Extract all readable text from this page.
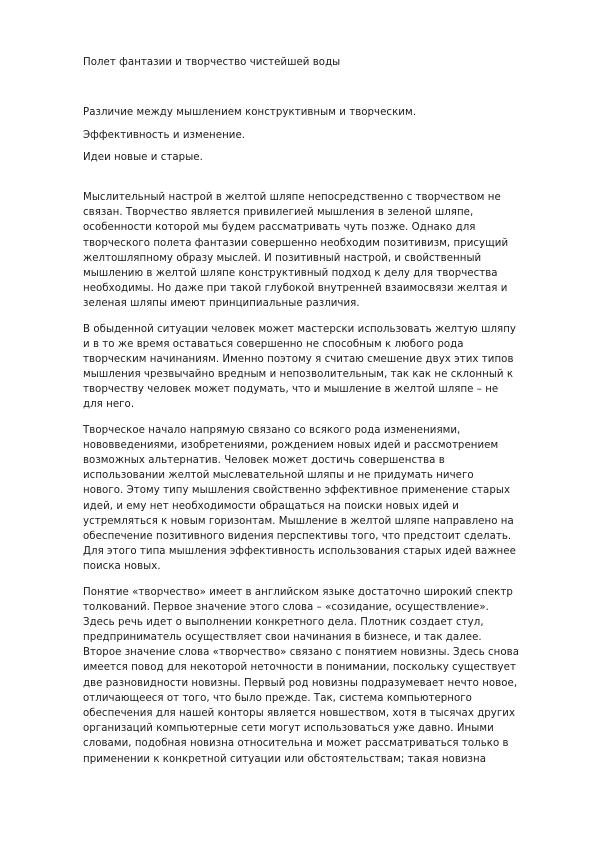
Полет фантазии и творчество чистейшей воды
Различие между мышлением конструктивным и творческим.
Эффективность и изменение.
Идеи новые и старые.
Мыслительный настрой в желтой шляпе непосредственно с творчеством не
связан. Творчество является привилегией мышления в зеленой шляпе,
особенности которой мы будем рассматривать чуть позже. Однако для
творческого полета фантазии совершенно необходим позитивизм, присущий
желтошляпному образу мыслей. И позитивный настрой, и свойственный
мышлению в желтой шляпе конструктивный подход к делу для творчества
необходимы. Но даже при такой глубокой внутренней взаимосвязи желтая и
зеленая шляпы имеют принципиальные различия.
В обыденной ситуации человек может мастерски использовать желтую шляпу
и в то же время оставаться совершенно не способным к любого рода
творческим начинаниям. Именно поэтому я считаю смешение двух этих типов
мышления чрезвычайно вредным и непозволительным, так как не склонный к
творчеству человек может подумать, что и мышление в желтой шляпе – не
для него.
Творческое начало напрямую связано со всякого рода изменениями,
нововведениями, изобретениями, рождением новых идей и рассмотрением
возможных альтернатив. Человек может достичь совершенства в
использовании желтой мыслевательной шляпы и не придумать ничего
нового. Этому типу мышления свойственно эффективное применение старых
идей, и ему нет необходимости обращаться на поиски новых идей и
устремляться к новым горизонтам. Мышление в желтой шляпе направлено на
обеспечение позитивного видения перспективы того, что предстоит сделать.
Для этого типа мышления эффективность использования старых идей важнее
поиска новых.
Понятие «творчество» имеет в английском языке достаточно широкий спектр
толкований. Первое значение этого слова – «созидание, осуществление».
Здесь речь идет о выполнении конкретного дела. Плотник создает стул,
предприниматель осуществляет свои начинания в бизнесе, и так далее.
Второе значение слова «творчество» связано с понятием новизны. Здесь снова
имеется повод для некоторой неточности в понимании, поскольку существует
две разновидности новизны. Первый род новизны подразумевает нечто новое,
отличающееся от того, что было прежде. Так, система компьютерного
обеспечения для нашей конторы является новшеством, хотя в тысячах других
организаций компьютерные сети могут использоваться уже давно. Иными
словами, подобная новизна относительна и может рассматриваться только в
применении к конкретной ситуации или обстоятельствам; такая новизна
